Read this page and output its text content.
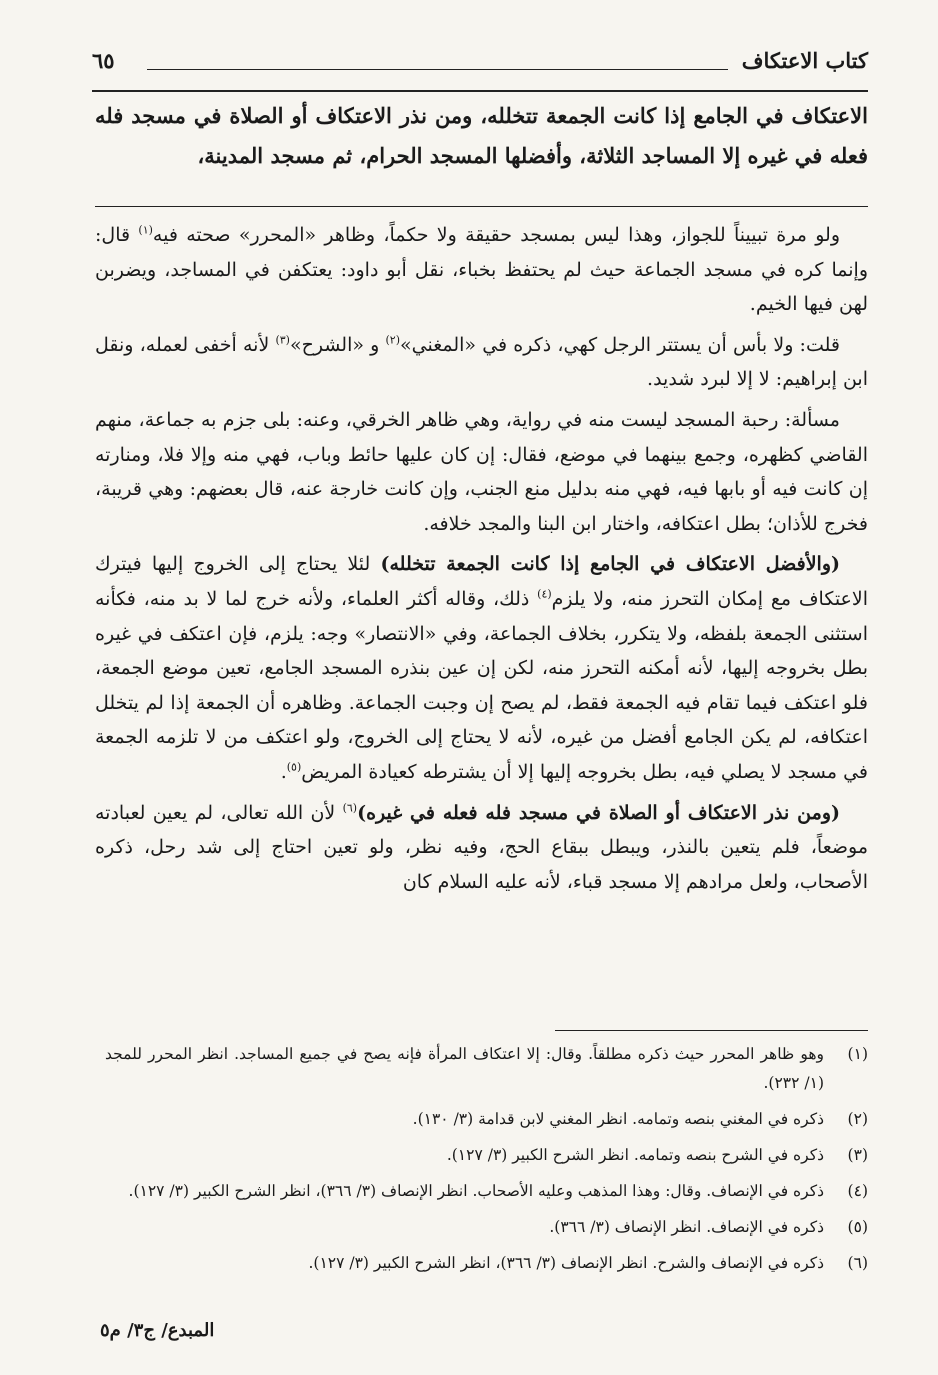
كتاب الاعتكاف
٦٥
الاعتكاف في الجامع إذا كانت الجمعة تتخلله، ومن نذر الاعتكاف أو الصلاة في مسجد فله فعله في غيره إلا المساجد الثلاثة، وأفضلها المسجد الحرام، ثم مسجد المدينة،

ولو مرة تبييناً للجواز، وهذا ليس بمسجد حقيقة ولا حكماً، وظاهر «المحرر» صحته فيه$^{(١)}$ قال: وإنما كره في مسجد الجماعة حيث لم يحتفظ بخباء، نقل أبو داود: يعتكفن في المساجد، ويضربن لهن فيها الخيم.

قلت: ولا بأس أن يستتر الرجل كهي، ذكره في «المغني»$^{(٢)}$ و «الشرح»$^{(٣)}$ لأنه أخفى لعمله، ونقل ابن إبراهيم: لا إلا لبرد شديد.

مسألة: رحبة المسجد ليست منه في رواية، وهي ظاهر الخرقي، وعنه: بلى جزم به جماعة، منهم القاضي كظهره، وجمع بينهما في موضع، فقال: إن كان عليها حائط وباب، فهي منه وإلا فلا، ومنارته إن كانت فيه أو بابها فيه، فهي منه بدليل منع الجنب، وإن كانت خارجة عنه، قال بعضهم: وهي قريبة، فخرج للأذان؛ بطل اعتكافه، واختار ابن البنا والمجد خلافه.

(والأفضل الاعتكاف في الجامع إذا كانت الجمعة تتخلله) لئلا يحتاج إلى الخروج إليها فيترك الاعتكاف مع إمكان التحرز منه، ولا يلزم$^{(٤)}$ ذلك، وقاله أكثر العلماء، ولأنه خرج لما لا بد منه، فكأنه استثنى الجمعة بلفظه، ولا يتكرر، بخلاف الجماعة، وفي «الانتصار» وجه: يلزم، فإن اعتكف في غيره بطل بخروجه إليها، لأنه أمكنه التحرز منه، لكن إن عين بنذره المسجد الجامع، تعين موضع الجمعة، فلو اعتكف فيما تقام فيه الجمعة فقط، لم يصح إن وجبت الجماعة. وظاهره أن الجمعة إذا لم يتخلل اعتكافه، لم يكن الجامع أفضل من غيره، لأنه لا يحتاج إلى الخروج، ولو اعتكف من لا تلزمه الجمعة في مسجد لا يصلي فيه، بطل بخروجه إليها إلا أن يشترطه كعيادة المريض$^{(٥)}$.

(ومن نذر الاعتكاف أو الصلاة في مسجد فله فعله في غيره)$^{(٦)}$ لأن الله تعالى، لم يعين لعبادته موضعاً، فلم يتعين بالنذر، ويبطل ببقاع الحج، وفيه نظر، ولو تعين احتاج إلى شد رحل، ذكره الأصحاب، ولعل مرادهم إلا مسجد قباء، لأنه عليه السلام كان

(١)
وهو ظاهر المحرر حيث ذكره مطلقاً. وقال: إلا اعتكاف المرأة فإنه يصح في جميع المساجد. انظر المحرر للمجد (١/ ٢٣٢).
(٢)
ذكره في المغني بنصه وتمامه. انظر المغني لابن قدامة (٣/ ١٣٠).
(٣)
ذكره في الشرح بنصه وتمامه. انظر الشرح الكبير (٣/ ١٢٧).
(٤)
ذكره في الإنصاف. وقال: وهذا المذهب وعليه الأصحاب. انظر الإنصاف (٣/ ٣٦٦)، انظر الشرح الكبير (٣/ ١٢٧).
(٥)
ذكره في الإنصاف. انظر الإنصاف (٣/ ٣٦٦).
(٦)
ذكره في الإنصاف والشرح. انظر الإنصاف (٣/ ٣٦٦)، انظر الشرح الكبير (٣/ ١٢٧).
المبدع/ ج٣/ م٥
